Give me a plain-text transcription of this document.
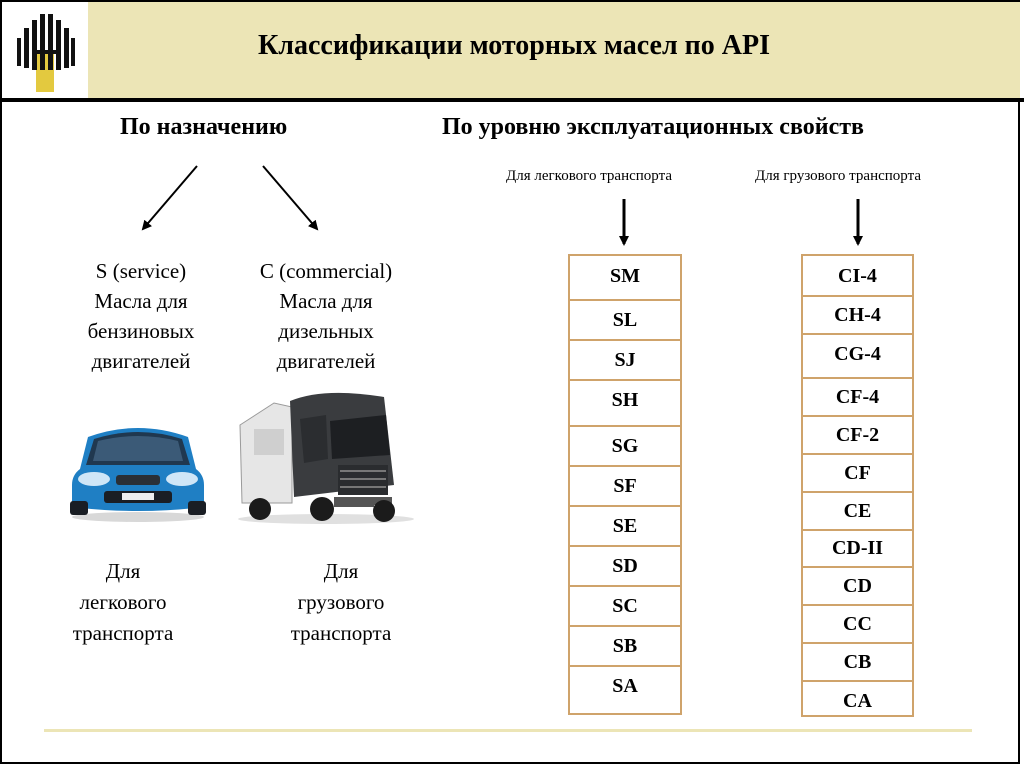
Классификации моторных масел по API
По назначению
S (service)
Масла для
бензиновых
двигателей
C (commercial)
Масла для
дизельных
двигателей
Для
легкового
транспорта
Для
грузового
транспорта
По уровню эксплуатационных свойств
Для легкового транспорта	Для грузового транспорта
SM
SL
SJ
SH
SG
SF
SE
SD
SC
SB
SA
CI-4
CH-4
CG-4
CF-4
CF-2
CF
CE
CD-II
CD
CC
CB
CA
